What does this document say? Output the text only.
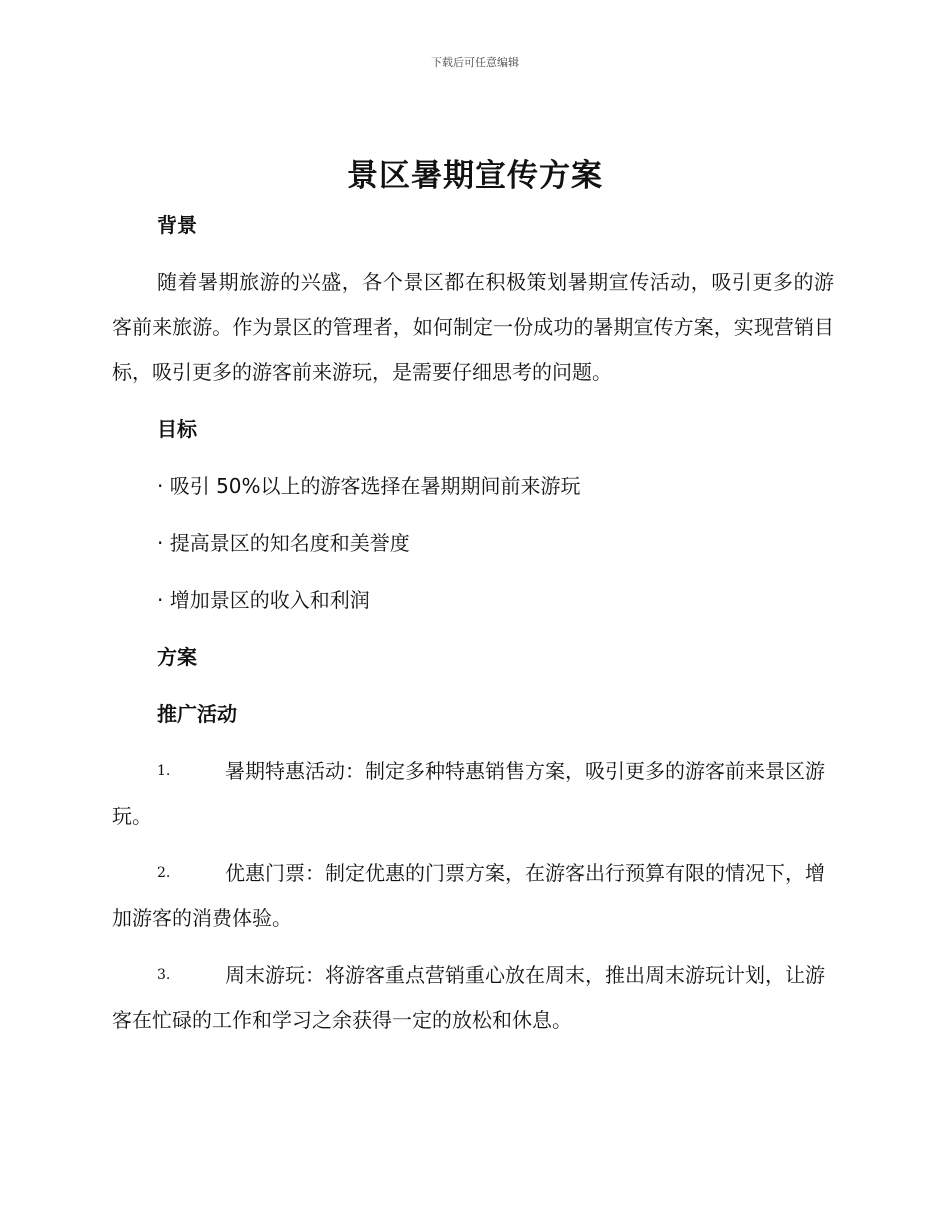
下载后可任意编辑
景区暑期宣传方案

背景

随着暑期旅游的兴盛，各个景区都在积极策划暑期宣传活动，吸引更多的游客前来旅游。作为景区的管理者，如何制定一份成功的暑期宣传方案，实现营销目标，吸引更多的游客前来游玩，是需要仔细思考的问题。

目标

· 吸引 50%以上的游客选择在暑期期间前来游玩

· 提高景区的知名度和美誉度

· 增加景区的收入和利润

方案

推广活动

1.	暑期特惠活动：制定多种特惠销售方案，吸引更多的游客前来景区游玩。

2.	优惠门票：制定优惠的门票方案，在游客出行预算有限的情况下，增加游客的消费体验。

3.	周末游玩：将游客重点营销重心放在周末，推出周末游玩计划，让游客在忙碌的工作和学习之余获得一定的放松和休息。
